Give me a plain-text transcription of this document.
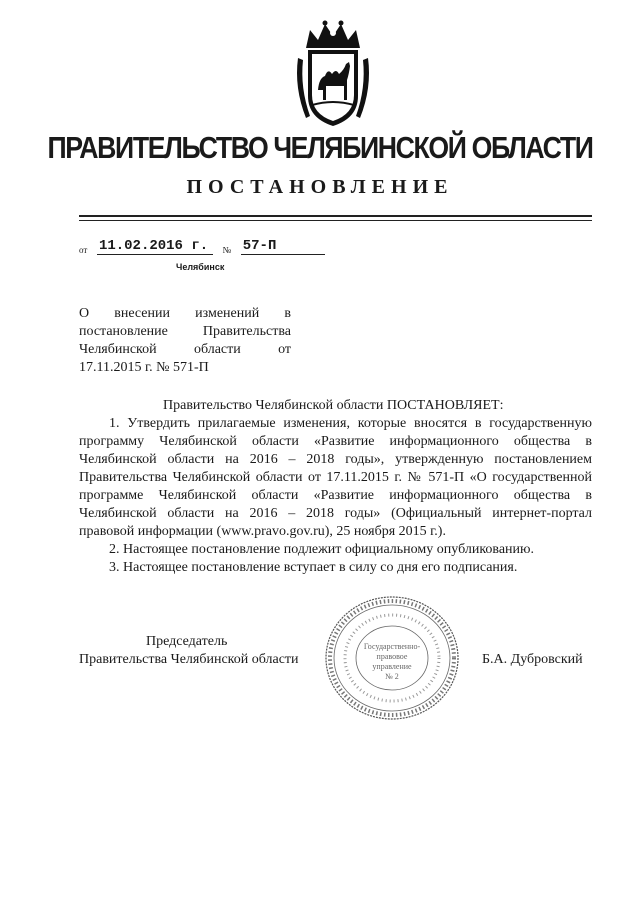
ПРАВИТЕЛЬСТВО ЧЕЛЯБИНСКОЙ ОБЛАСТИ
ПОСТАНОВЛЕНИЕ
от 11.02.2016 г. № 57-П
Челябинск
О внесении изменений в
постановление Правительства
Челябинской области от
17.11.2015 г. № 571-П

Правительство Челябинской области ПОСТАНОВЛЯЕТ:

1. Утвердить прилагаемые изменения, которые вносятся в государственную программу Челябинской области «Развитие информационного общества в Челябинской области на 2016 – 2018 годы», утвержденную постановлением Правительства Челябинской области от 17.11.2015 г. № 571-П «О государственной программе Челябинской области «Развитие информационного общества в Челябинской области на 2016 – 2018 годы» (Официальный интернет-портал правовой информации (www.pravo.gov.ru), 25 ноября 2015 г.).

2. Настоящее постановление подлежит официальному опубликованию.

3. Настоящее постановление вступает в силу со дня его подписания.

Председатель
Правительства Челябинской области	Б.А. Дубровский
Государственно-
правовое
управление
№ 2
